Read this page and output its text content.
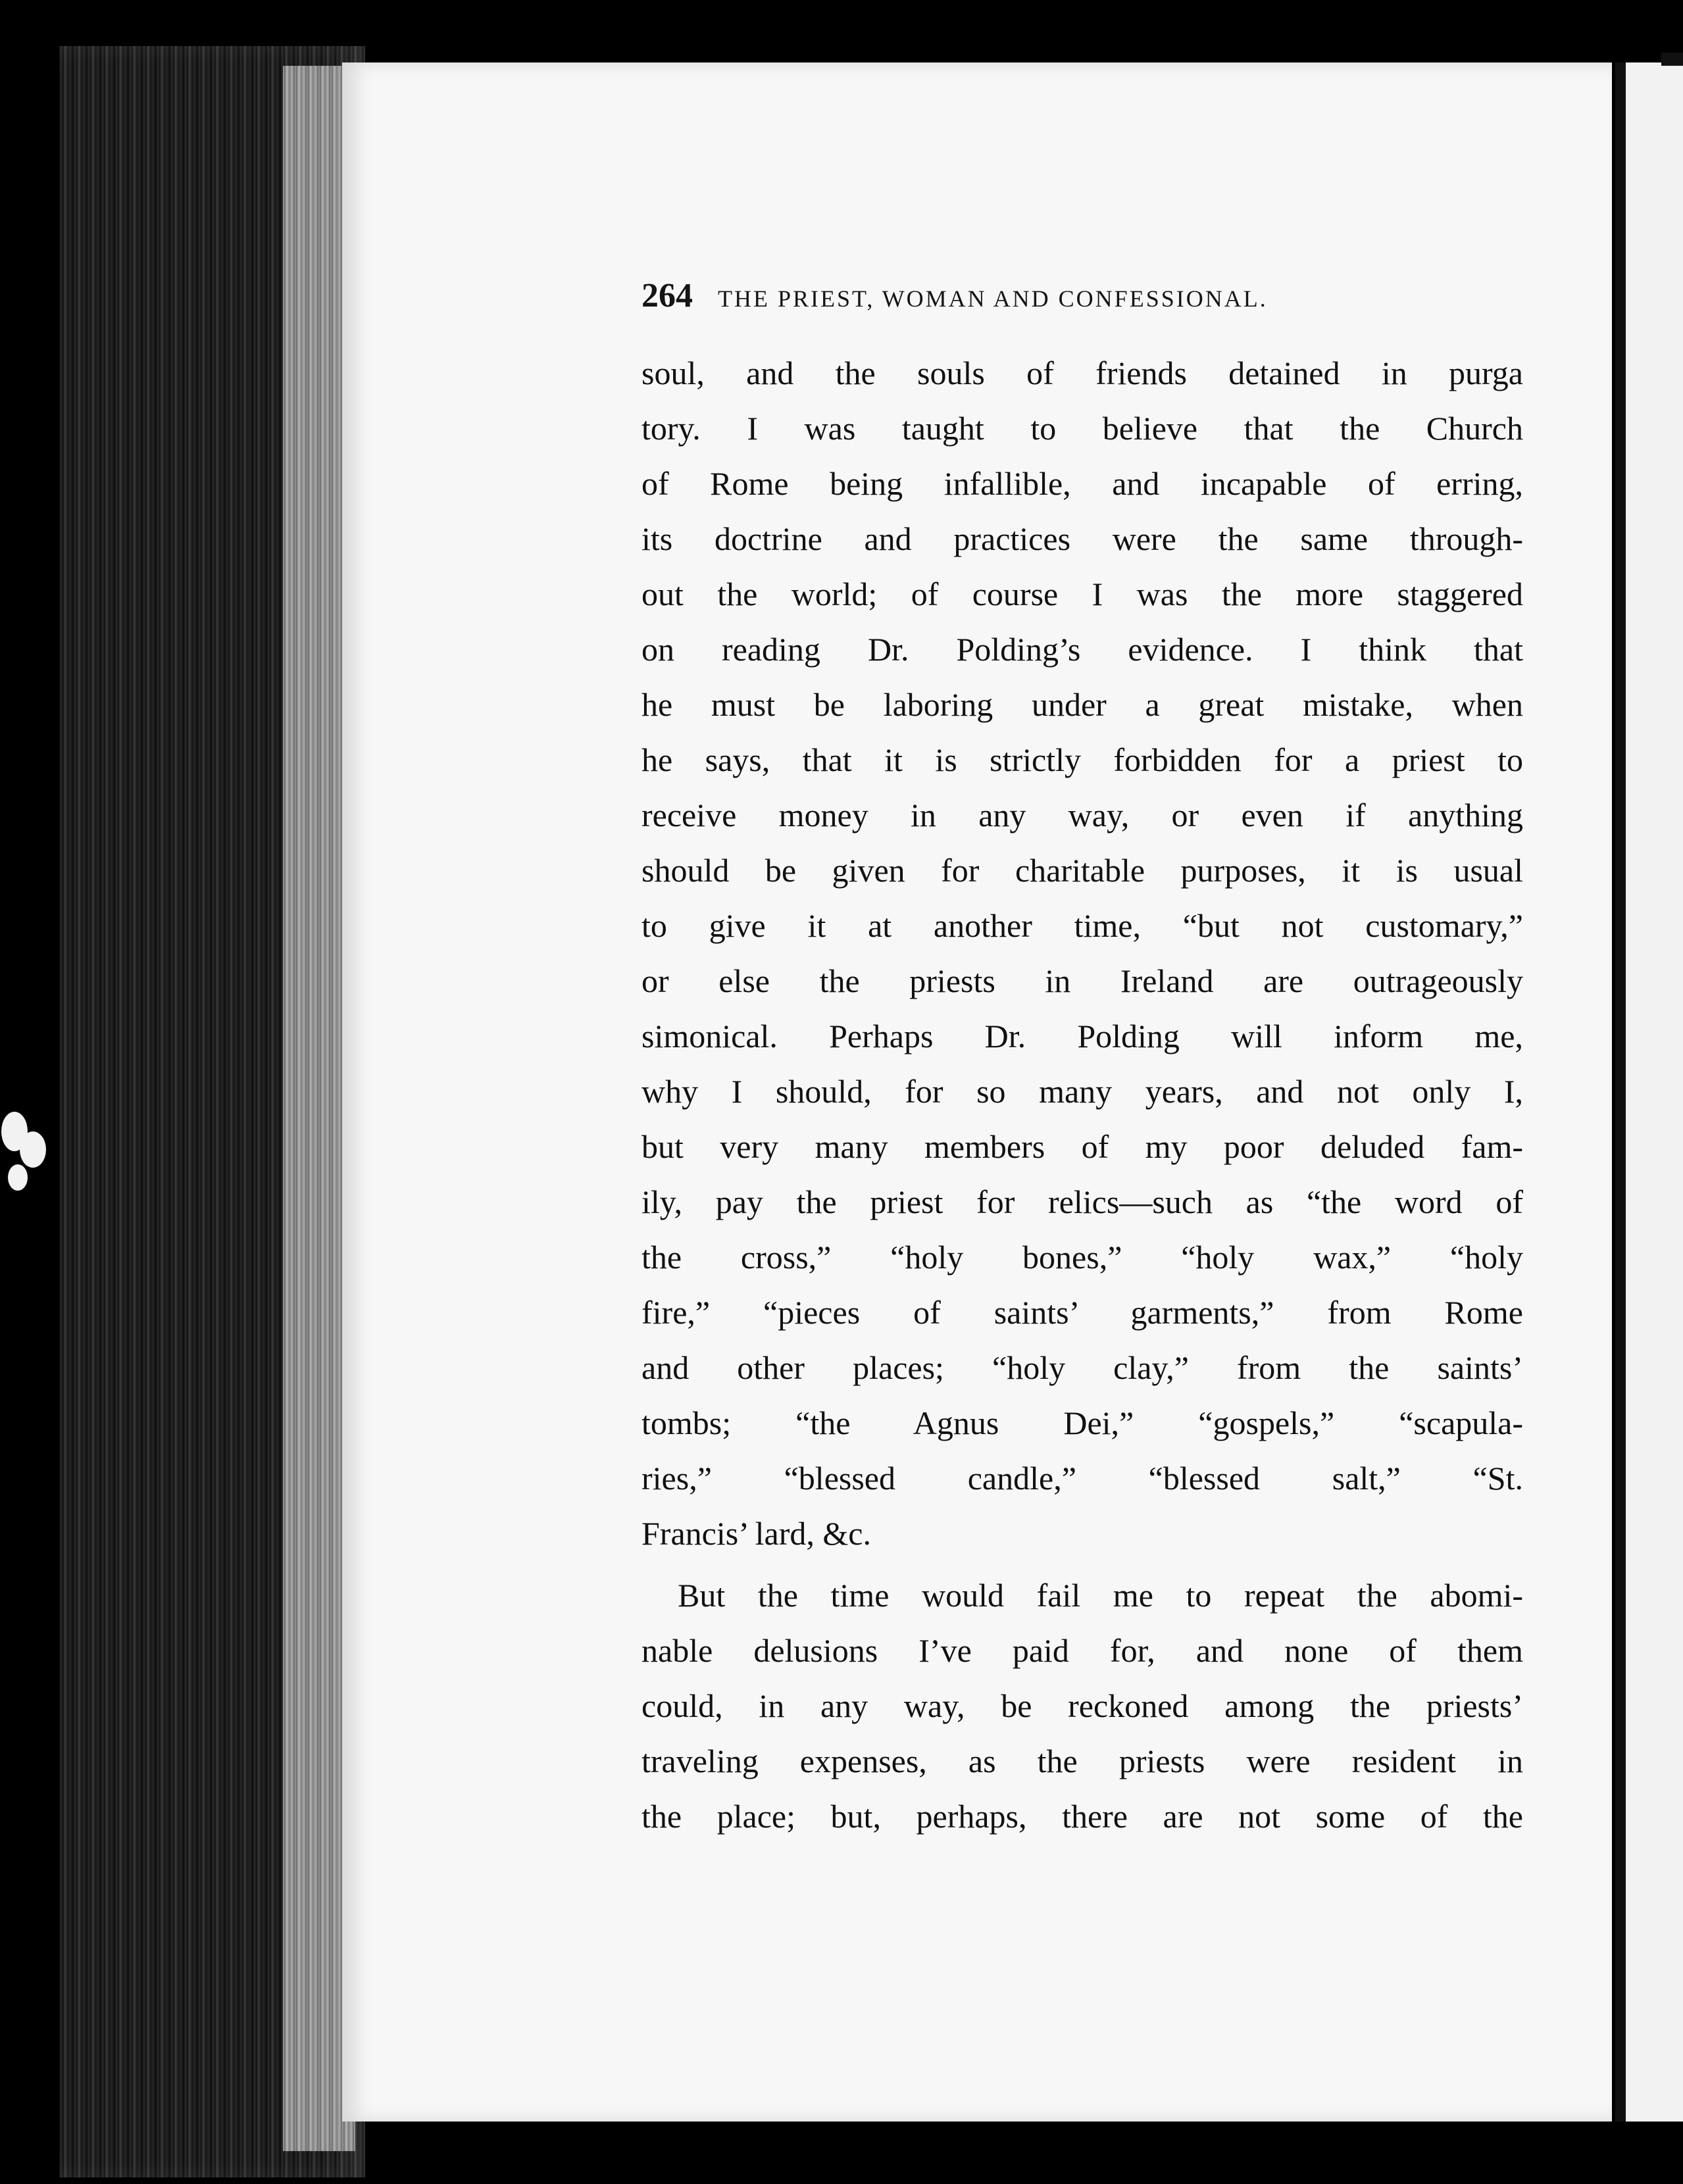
264 THE PRIEST, WOMAN AND CONFESSIONAL.
soul, and the souls of friends detained in purga
tory. I was taught to believe that the Church
of Rome being infallible, and incapable of erring,
its doctrine and practices were the same through-
out the world; of course I was the more staggered
on reading Dr. Polding’s evidence. I think that
he must be laboring under a great mistake, when
he says, that it is strictly forbidden for a priest to
receive money in any way, or even if anything
should be given for charitable purposes, it is usual
to give it at another time, “but not customary,”
or else the priests in Ireland are outrageously
simonical. Perhaps Dr. Polding will inform me,
why I should, for so many years, and not only I,
but very many members of my poor deluded fam-
ily, pay the priest for relics—such as “the word of
the cross,” “holy bones,” “holy wax,” “holy
fire,” “pieces of saints’ garments,” from Rome
and other places; “holy clay,” from the saints’
tombs; “the Agnus Dei,” “gospels,” “scapula-
ries,” “blessed candle,” “blessed salt,” “St.
Francis’ lard, &c.
But the time would fail me to repeat the abomi-
nable delusions I’ve paid for, and none of them
could, in any way, be reckoned among the priests’
traveling expenses, as the priests were resident in
the place; but, perhaps, there are not some of the
